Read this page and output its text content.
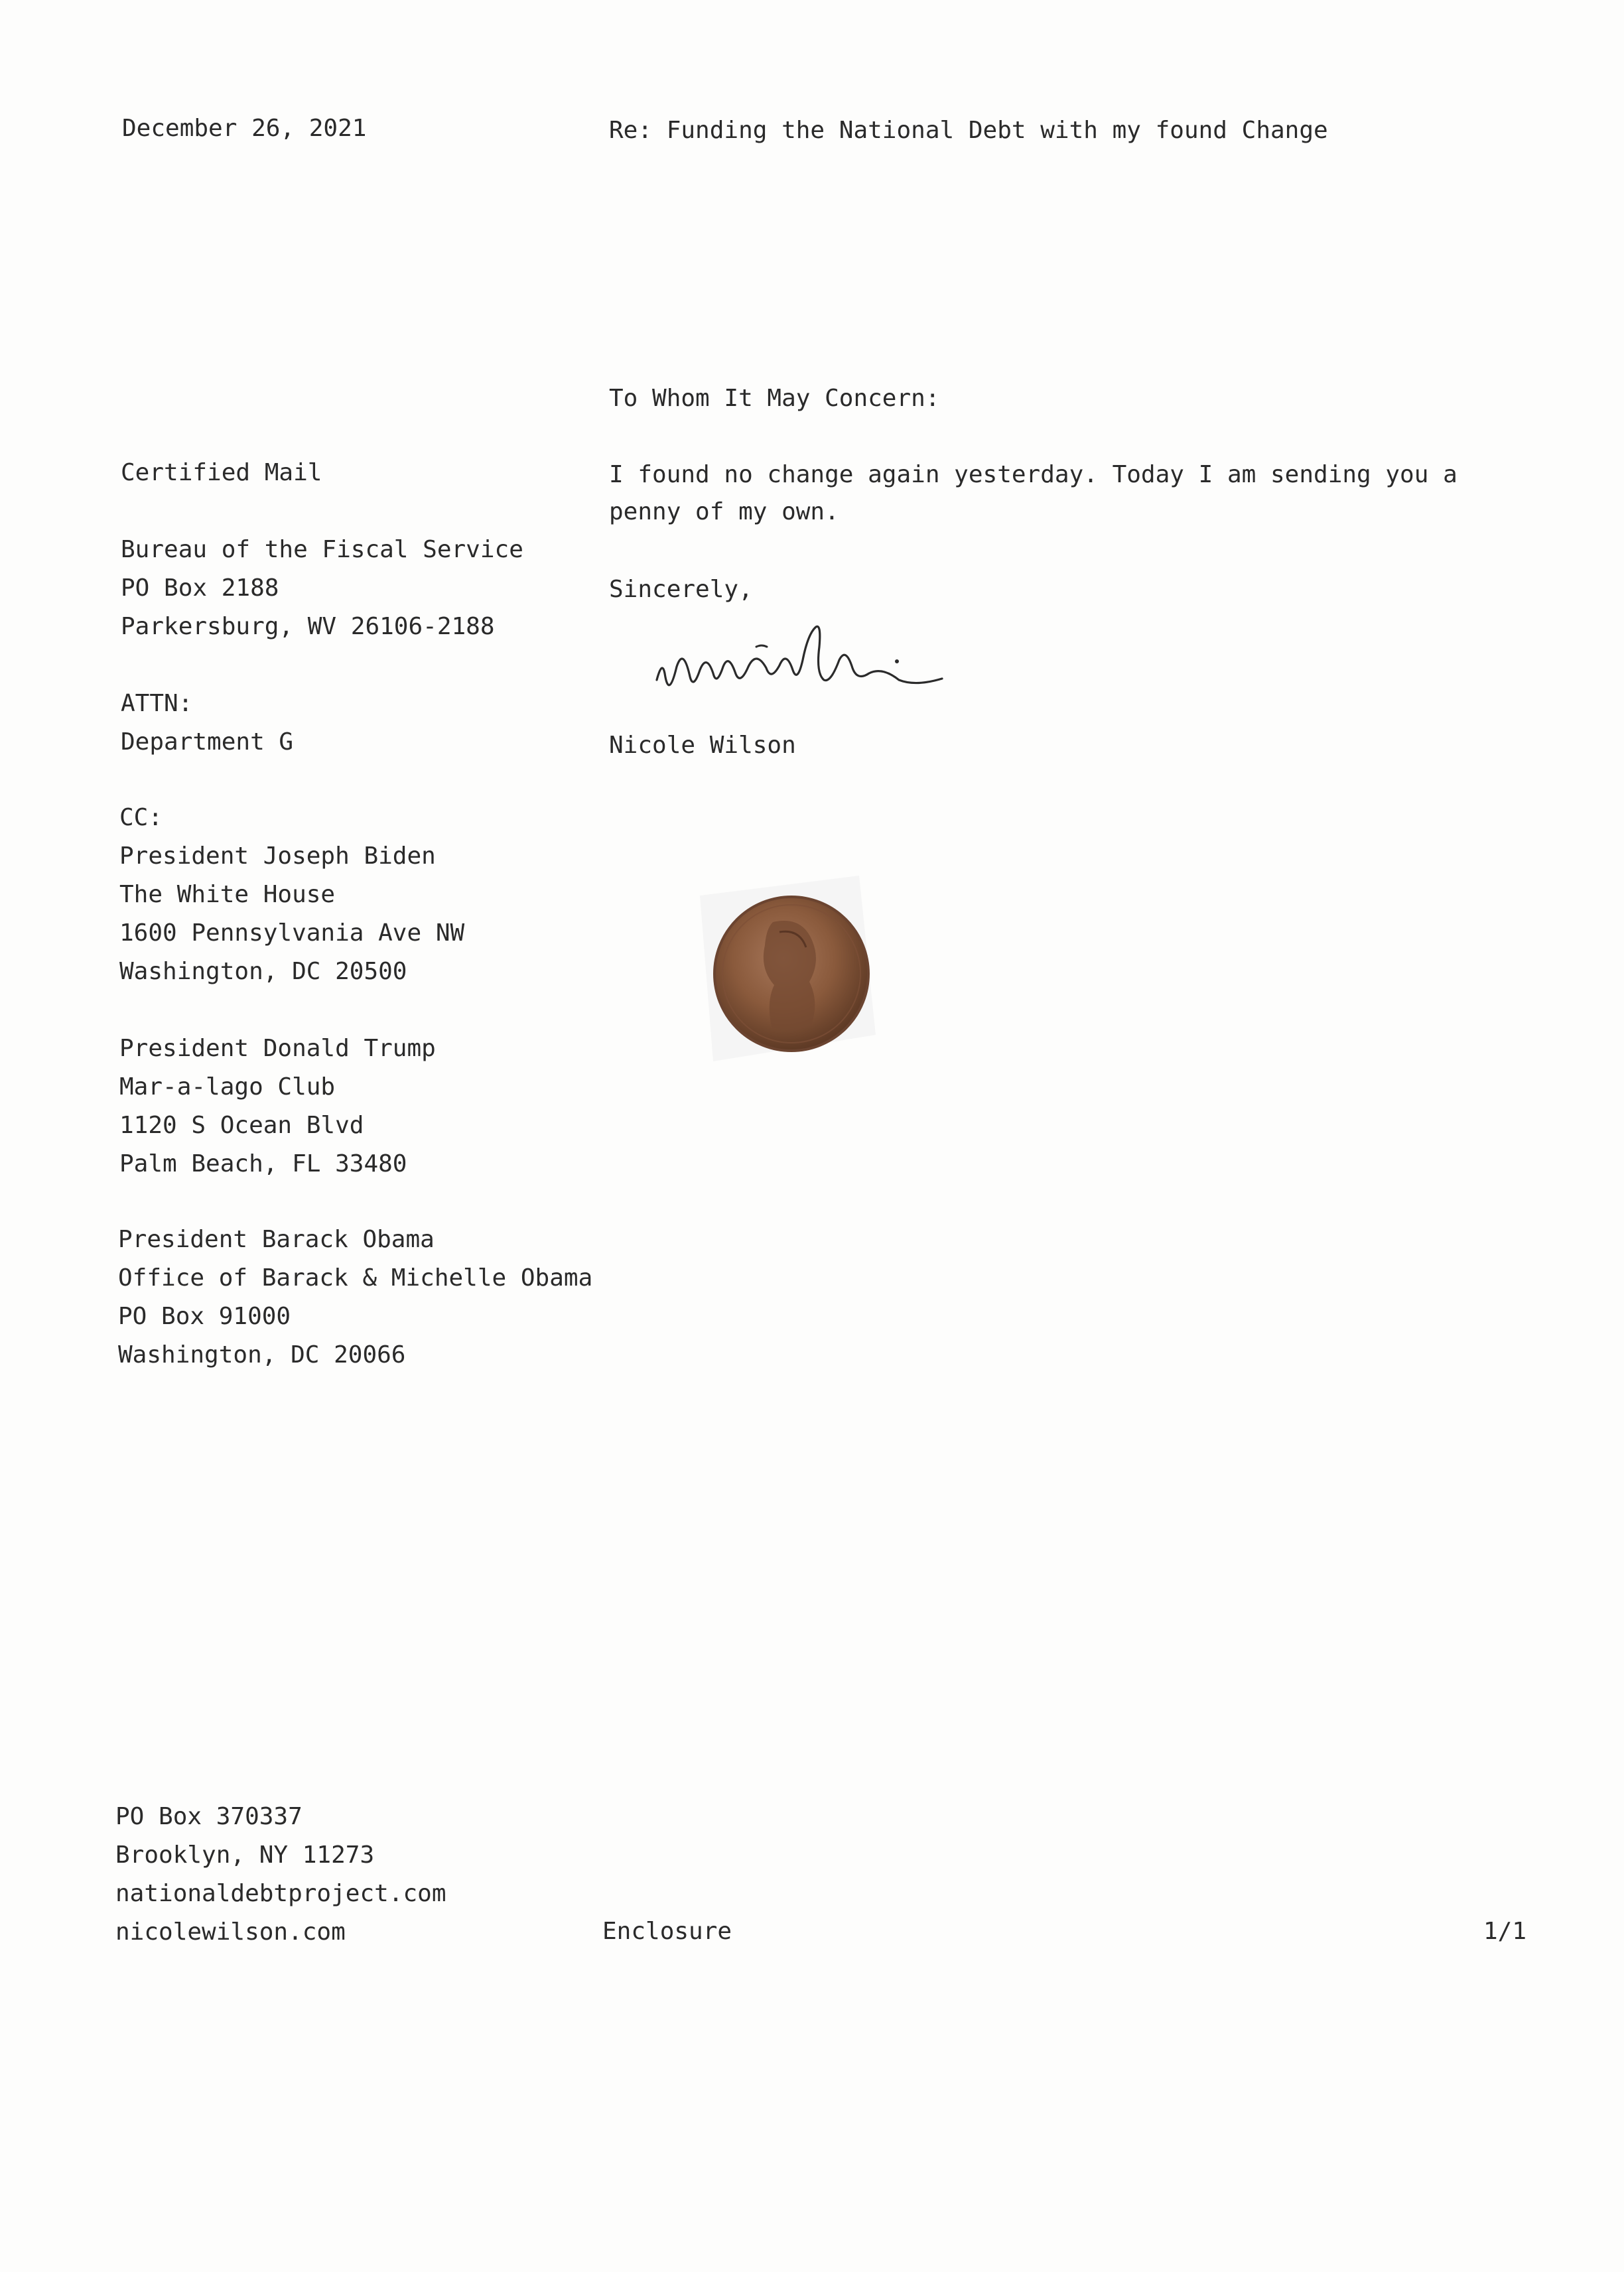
December 26, 2021	Re: Funding the National Debt with my found Change
To Whom It May Concern:
Certified Mail	I found no change again yesterday. Today I am sending you a penny of my own.
Bureau of the Fiscal Service
PO Box 2188
Parkersburg, WV 26106-2188
Sincerely,
Nicole Wilson
ATTN:
Department G
CC:
President Joseph Biden
The White House
1600 Pennsylvania Ave NW
Washington, DC 20500
President Donald Trump
Mar-a-lago Club
1120 S Ocean Blvd
Palm Beach, FL 33480
President Barack Obama
Office of Barack & Michelle Obama
PO Box 91000
Washington, DC 20066
PO Box 370337
Brooklyn, NY 11273
nationaldebtproject.com
nicolewilson.com	Enclosure	1/1
